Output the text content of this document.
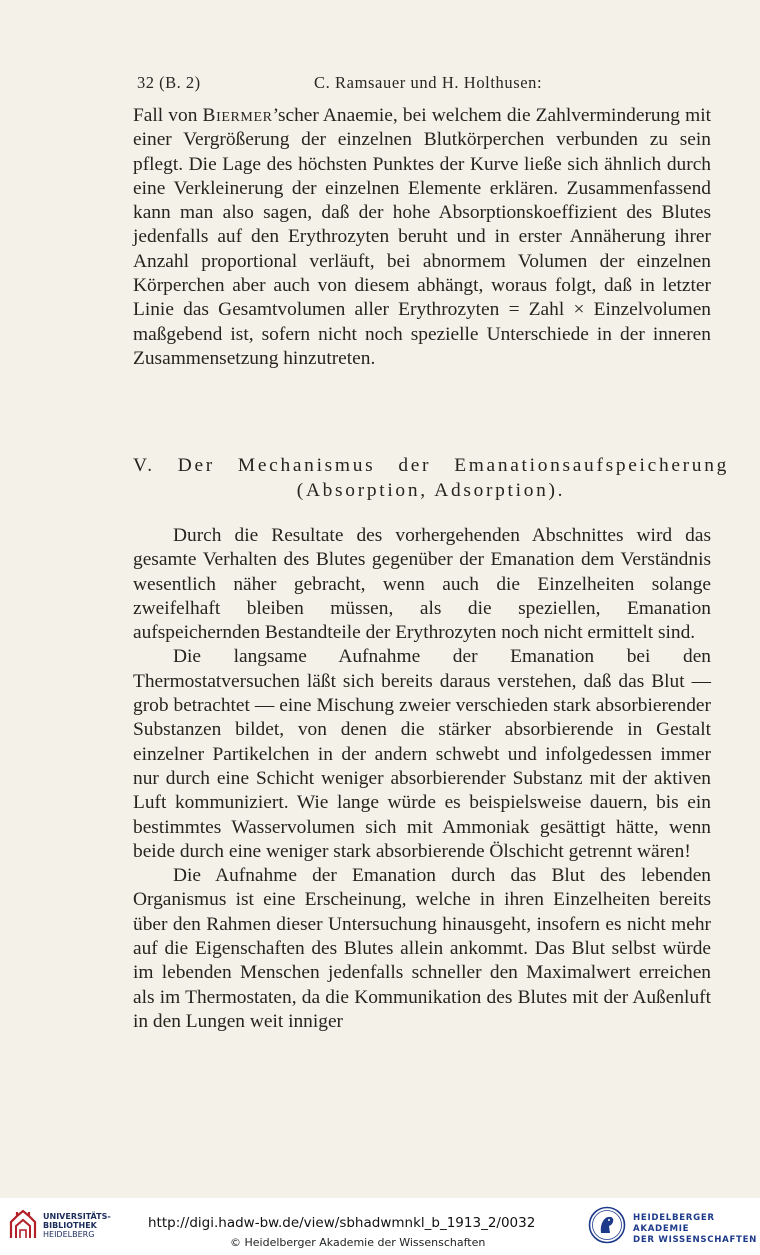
32 (B. 2)	C. Ramsauer und H. Holthusen:

Fall von Biermer’scher Anaemie, bei welchem die Zahlverminderung mit einer Vergrößerung der einzelnen Blutkörperchen verbunden zu sein pflegt. Die Lage des höchsten Punktes der Kurve ließe sich ähnlich durch eine Verkleinerung der einzelnen Elemente erklären. Zusammenfassend kann man also sagen, daß der hohe Absorptionskoeffizient des Blutes jedenfalls auf den Erythrozyten beruht und in erster Annäherung ihrer Anzahl proportional verläuft, bei abnormem Volumen der einzelnen Körperchen aber auch von diesem abhängt, woraus folgt, daß in letzter Linie das Gesamtvolumen aller Erythrozyten = Zahl × Einzelvolumen maßgebend ist, sofern nicht noch spezielle Unterschiede in der inneren Zusammensetzung hinzutreten.

V. Der Mechanismus der Emanationsaufspeicherung
(Absorption, Adsorption).

Durch die Resultate des vorhergehenden Abschnittes wird das gesamte Verhalten des Blutes gegenüber der Emanation dem Verständnis wesentlich näher gebracht, wenn auch die Einzelheiten solange zweifelhaft bleiben müssen, als die speziellen, Emanation aufspeichernden Bestandteile der Erythrozyten noch nicht ermittelt sind.

Die langsame Aufnahme der Emanation bei den Thermostatversuchen läßt sich bereits daraus verstehen, daß das Blut — grob betrachtet — eine Mischung zweier verschieden stark absorbierender Substanzen bildet, von denen die stärker absorbierende in Gestalt einzelner Partikelchen in der andern schwebt und infolgedessen immer nur durch eine Schicht weniger absorbierender Substanz mit der aktiven Luft kommuniziert. Wie lange würde es beispielsweise dauern, bis ein bestimmtes Wasservolumen sich mit Ammoniak gesättigt hätte, wenn beide durch eine weniger stark absorbierende Ölschicht getrennt wären!

Die Aufnahme der Emanation durch das Blut des lebenden Organismus ist eine Erscheinung, welche in ihren Einzelheiten bereits über den Rahmen dieser Untersuchung hinausgeht, insofern es nicht mehr auf die Eigenschaften des Blutes allein ankommt. Das Blut selbst würde im lebenden Menschen jedenfalls schneller den Maximalwert erreichen als im Thermostaten, da die Kommunikation des Blutes mit der Außenluft in den Lungen weit inniger

UNIVERSITÄTS-
BIBLIOTHEK
HEIDELBERG
http://digi.hadw-bw.de/view/sbhadwmnkl_b_1913_2/0032
© Heidelberger Akademie der Wissenschaften
HEIDELBERGER AKADEMIE
DER WISSENSCHAFTEN
